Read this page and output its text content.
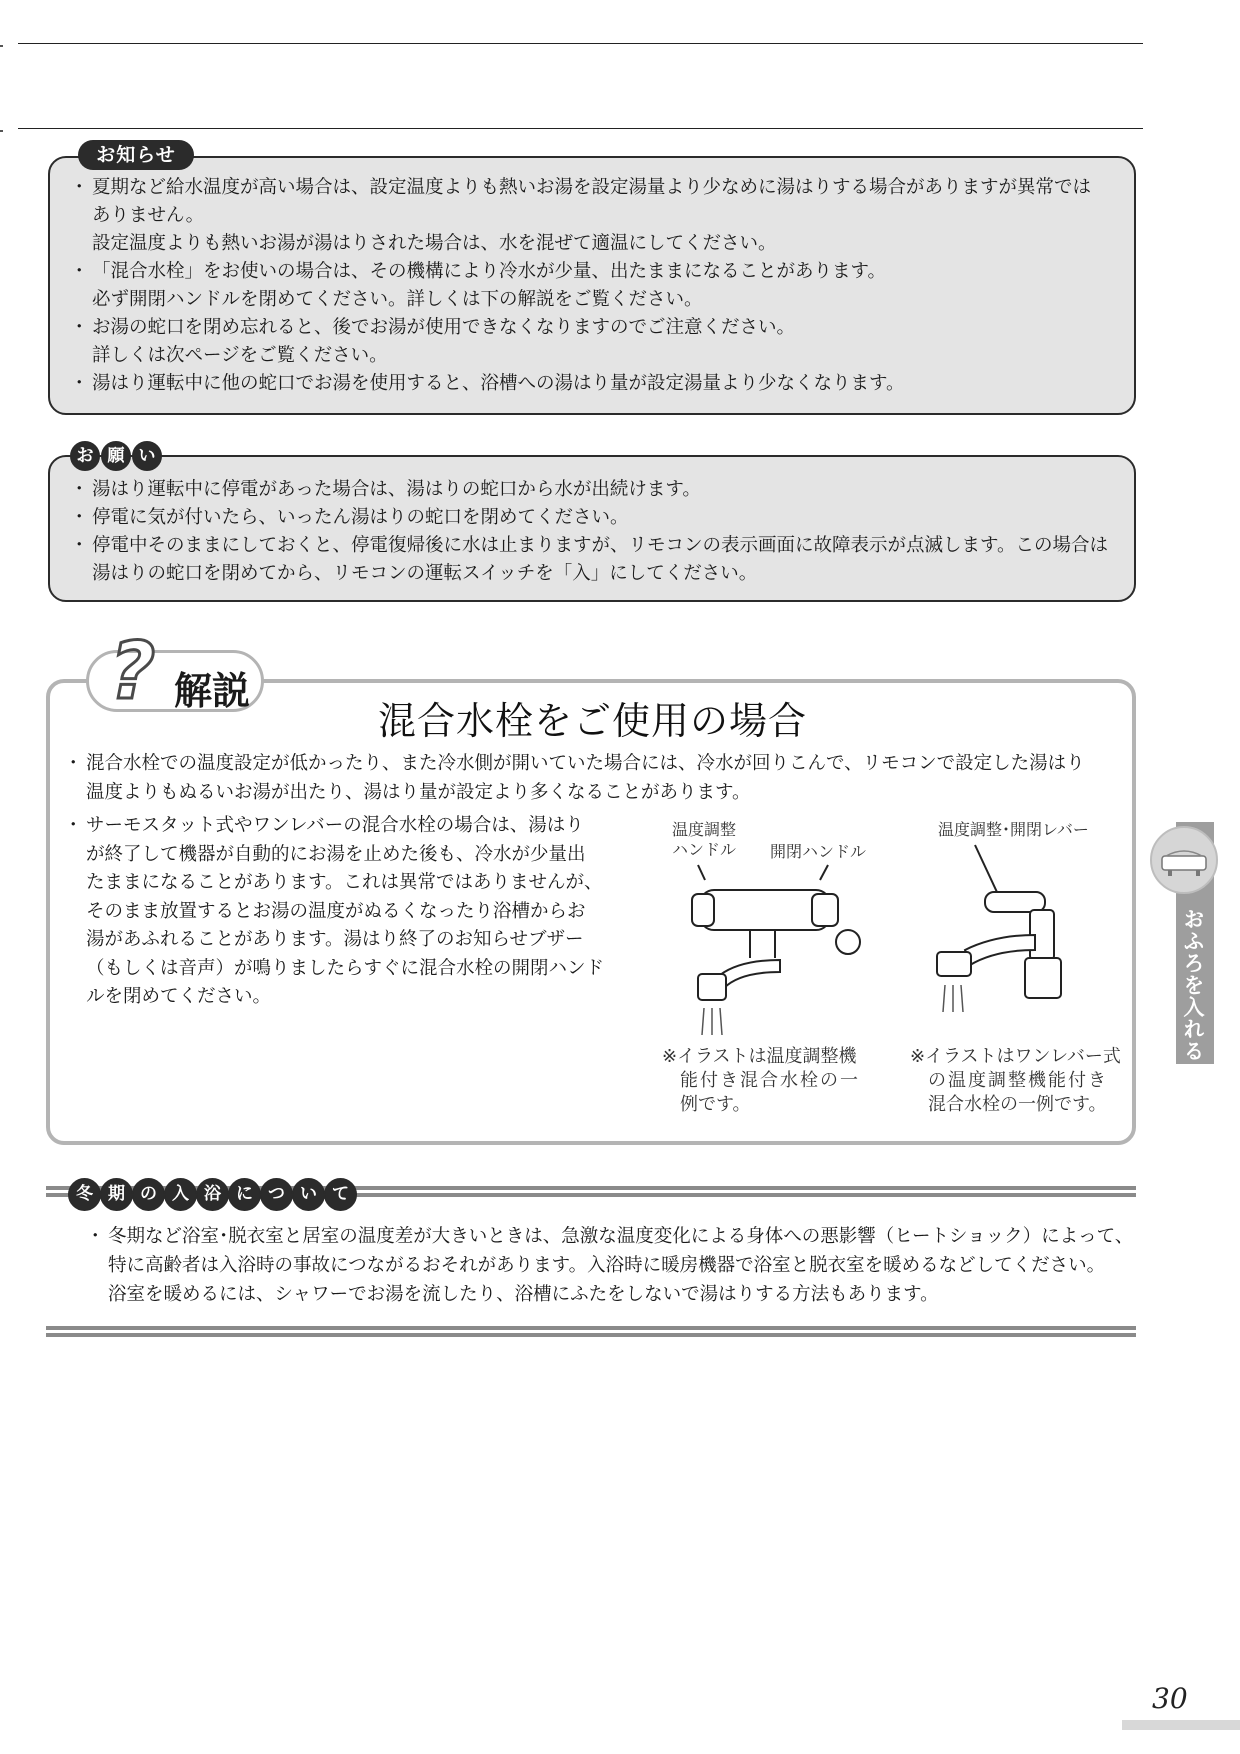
・ 夏期など給水温度が高い場合は、設定温度よりも熱いお湯を設定湯量より少なめに湯はりする場合がありますが異常では
ありません。
設定温度よりも熱いお湯が湯はりされた場合は、水を混ぜて適温にしてください。
・ 「混合水栓」をお使いの場合は、その機構により冷水が少量、出たままになることがあります。
必ず開閉ハンドルを閉めてください。詳しくは下の解説をご覧ください。
・ お湯の蛇口を閉め忘れると、後でお湯が使用できなくなりますのでご注意ください。
詳しくは次ページをご覧ください。
・ 湯はり運転中に他の蛇口でお湯を使用すると、浴槽への湯はり量が設定湯量より少なくなります。
お知らせ
・ 湯はり運転中に停電があった場合は、湯はりの蛇口から水が出続けます。
・ 停電に気が付いたら、いったん湯はりの蛇口を閉めてください。
・ 停電中そのままにしておくと、停電復帰後に水は止まりますが、リモコンの表示画面に故障表示が点滅します。この場合は
湯はりの蛇口を閉めてから、リモコンの運転スイッチを「入」にしてください。
お 願 い
? 解説
混合水栓をご使用の場合

・ 混合水栓での温度設定が低かったり、また冷水側が開いていた場合には、冷水が回りこんで、リモコンで設定した湯はり
温度よりもぬるいお湯が出たり、湯はり量が設定より多くなることがあります。

・ サーモスタット式やワンレバーの混合水栓の場合は、湯はり
が終了して機器が自動的にお湯を止めた後も、冷水が少量出
たままになることがあります。これは異常ではありませんが、
そのまま放置するとお湯の温度がぬるくなったり浴槽からお
湯があふれることがあります。湯はり終了のお知らせブザー
（もしくは音声）が鳴りましたらすぐに混合水栓の開閉ハンド
ルを閉めてください。

温度調整
ハンドル 開閉ハンドル
※イラストは温度調整機
能付き混合水栓の一
例です。
温度調整･開閉レバー
※イラストはワンレバー式
の温度調整機能付き
混合水栓の一例です。
冬 期 の 入 浴 に つ い て
・ 冬期など浴室･脱衣室と居室の温度差が大きいときは、急激な温度変化による身体への悪影響（ヒートショック）によって、
特に高齢者は入浴時の事故につながるおそれがあります。入浴時に暖房機器で浴室と脱衣室を暖めるなどしてください。
浴室を暖めるには、シャワーでお湯を流したり、浴槽にふたをしないで湯はりする方法もあります。
おふろを入れる
30
